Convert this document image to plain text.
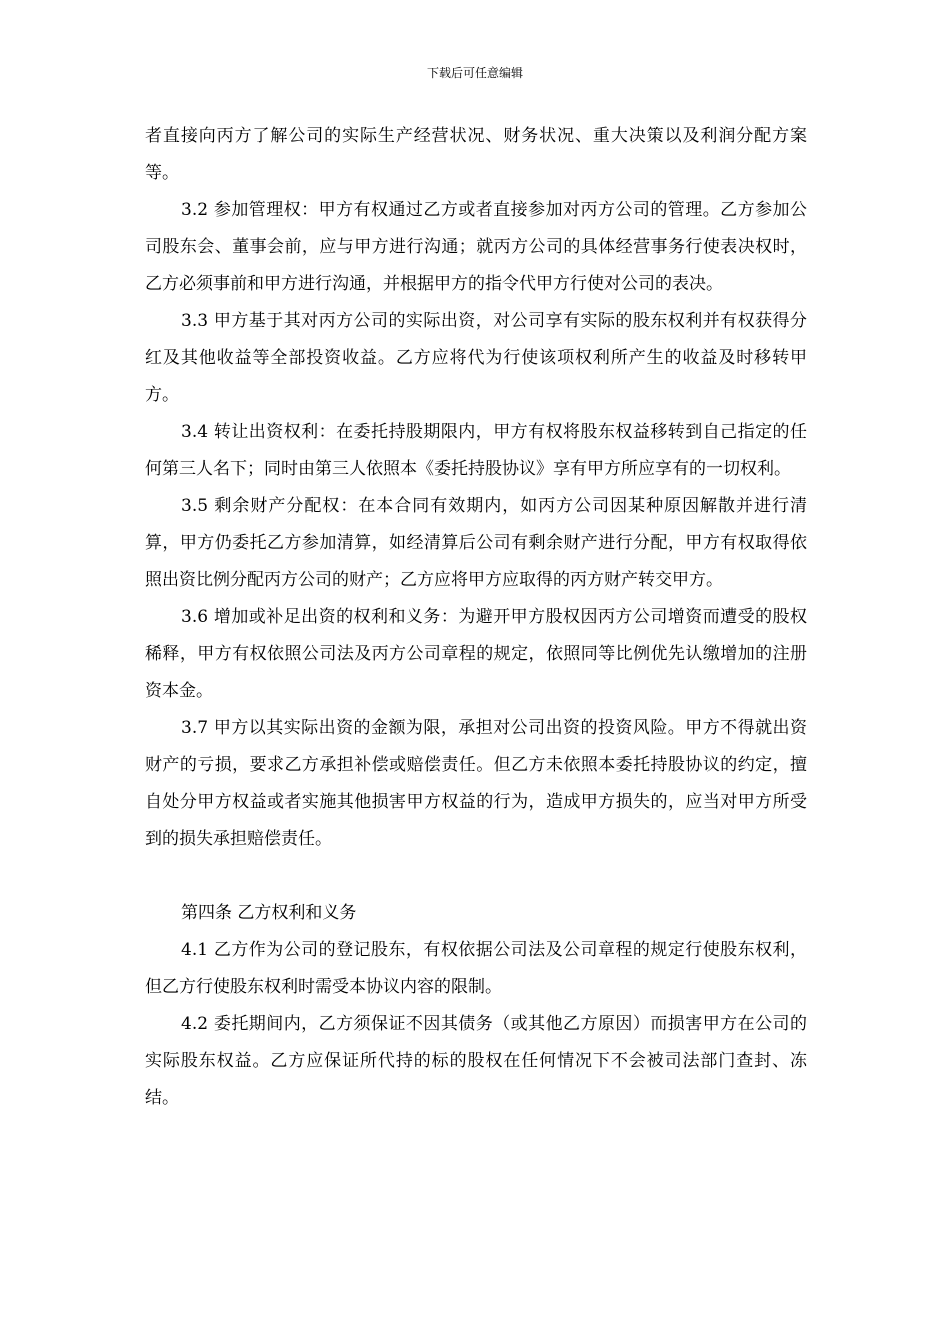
下载后可任意编辑

者直接向丙方了解公司的实际生产经营状况、财务状况、重大决策以及利润分配方案等。

3.2 参加管理权：甲方有权通过乙方或者直接参加对丙方公司的管理。乙方参加公司股东会、董事会前，应与甲方进行沟通；就丙方公司的具体经营事务行使表决权时，乙方必须事前和甲方进行沟通，并根据甲方的指令代甲方行使对公司的表决。

3.3 甲方基于其对丙方公司的实际出资，对公司享有实际的股东权利并有权获得分红及其他收益等全部投资收益。乙方应将代为行使该项权利所产生的收益及时移转甲方。

3.4 转让出资权利：在委托持股期限内，甲方有权将股东权益移转到自己指定的任何第三人名下；同时由第三人依照本《委托持股协议》享有甲方所应享有的一切权利。

3.5 剩余财产分配权：在本合同有效期内，如丙方公司因某种原因解散并进行清算，甲方仍委托乙方参加清算，如经清算后公司有剩余财产进行分配，甲方有权取得依照出资比例分配丙方公司的财产；乙方应将甲方应取得的丙方财产转交甲方。

3.6 增加或补足出资的权利和义务：为避开甲方股权因丙方公司增资而遭受的股权稀释，甲方有权依照公司法及丙方公司章程的规定，依照同等比例优先认缴增加的注册资本金。

3.7 甲方以其实际出资的金额为限，承担对公司出资的投资风险。甲方不得就出资财产的亏损，要求乙方承担补偿或赔偿责任。但乙方未依照本委托持股协议的约定，擅自处分甲方权益或者实施其他损害甲方权益的行为，造成甲方损失的，应当对甲方所受到的损失承担赔偿责任。

第四条 乙方权利和义务

4.1 乙方作为公司的登记股东，有权依据公司法及公司章程的规定行使股东权利，但乙方行使股东权利时需受本协议内容的限制。

4.2 委托期间内，乙方须保证不因其债务（或其他乙方原因）而损害甲方在公司的实际股东权益。乙方应保证所代持的标的股权在任何情况下不会被司法部门查封、冻结。
